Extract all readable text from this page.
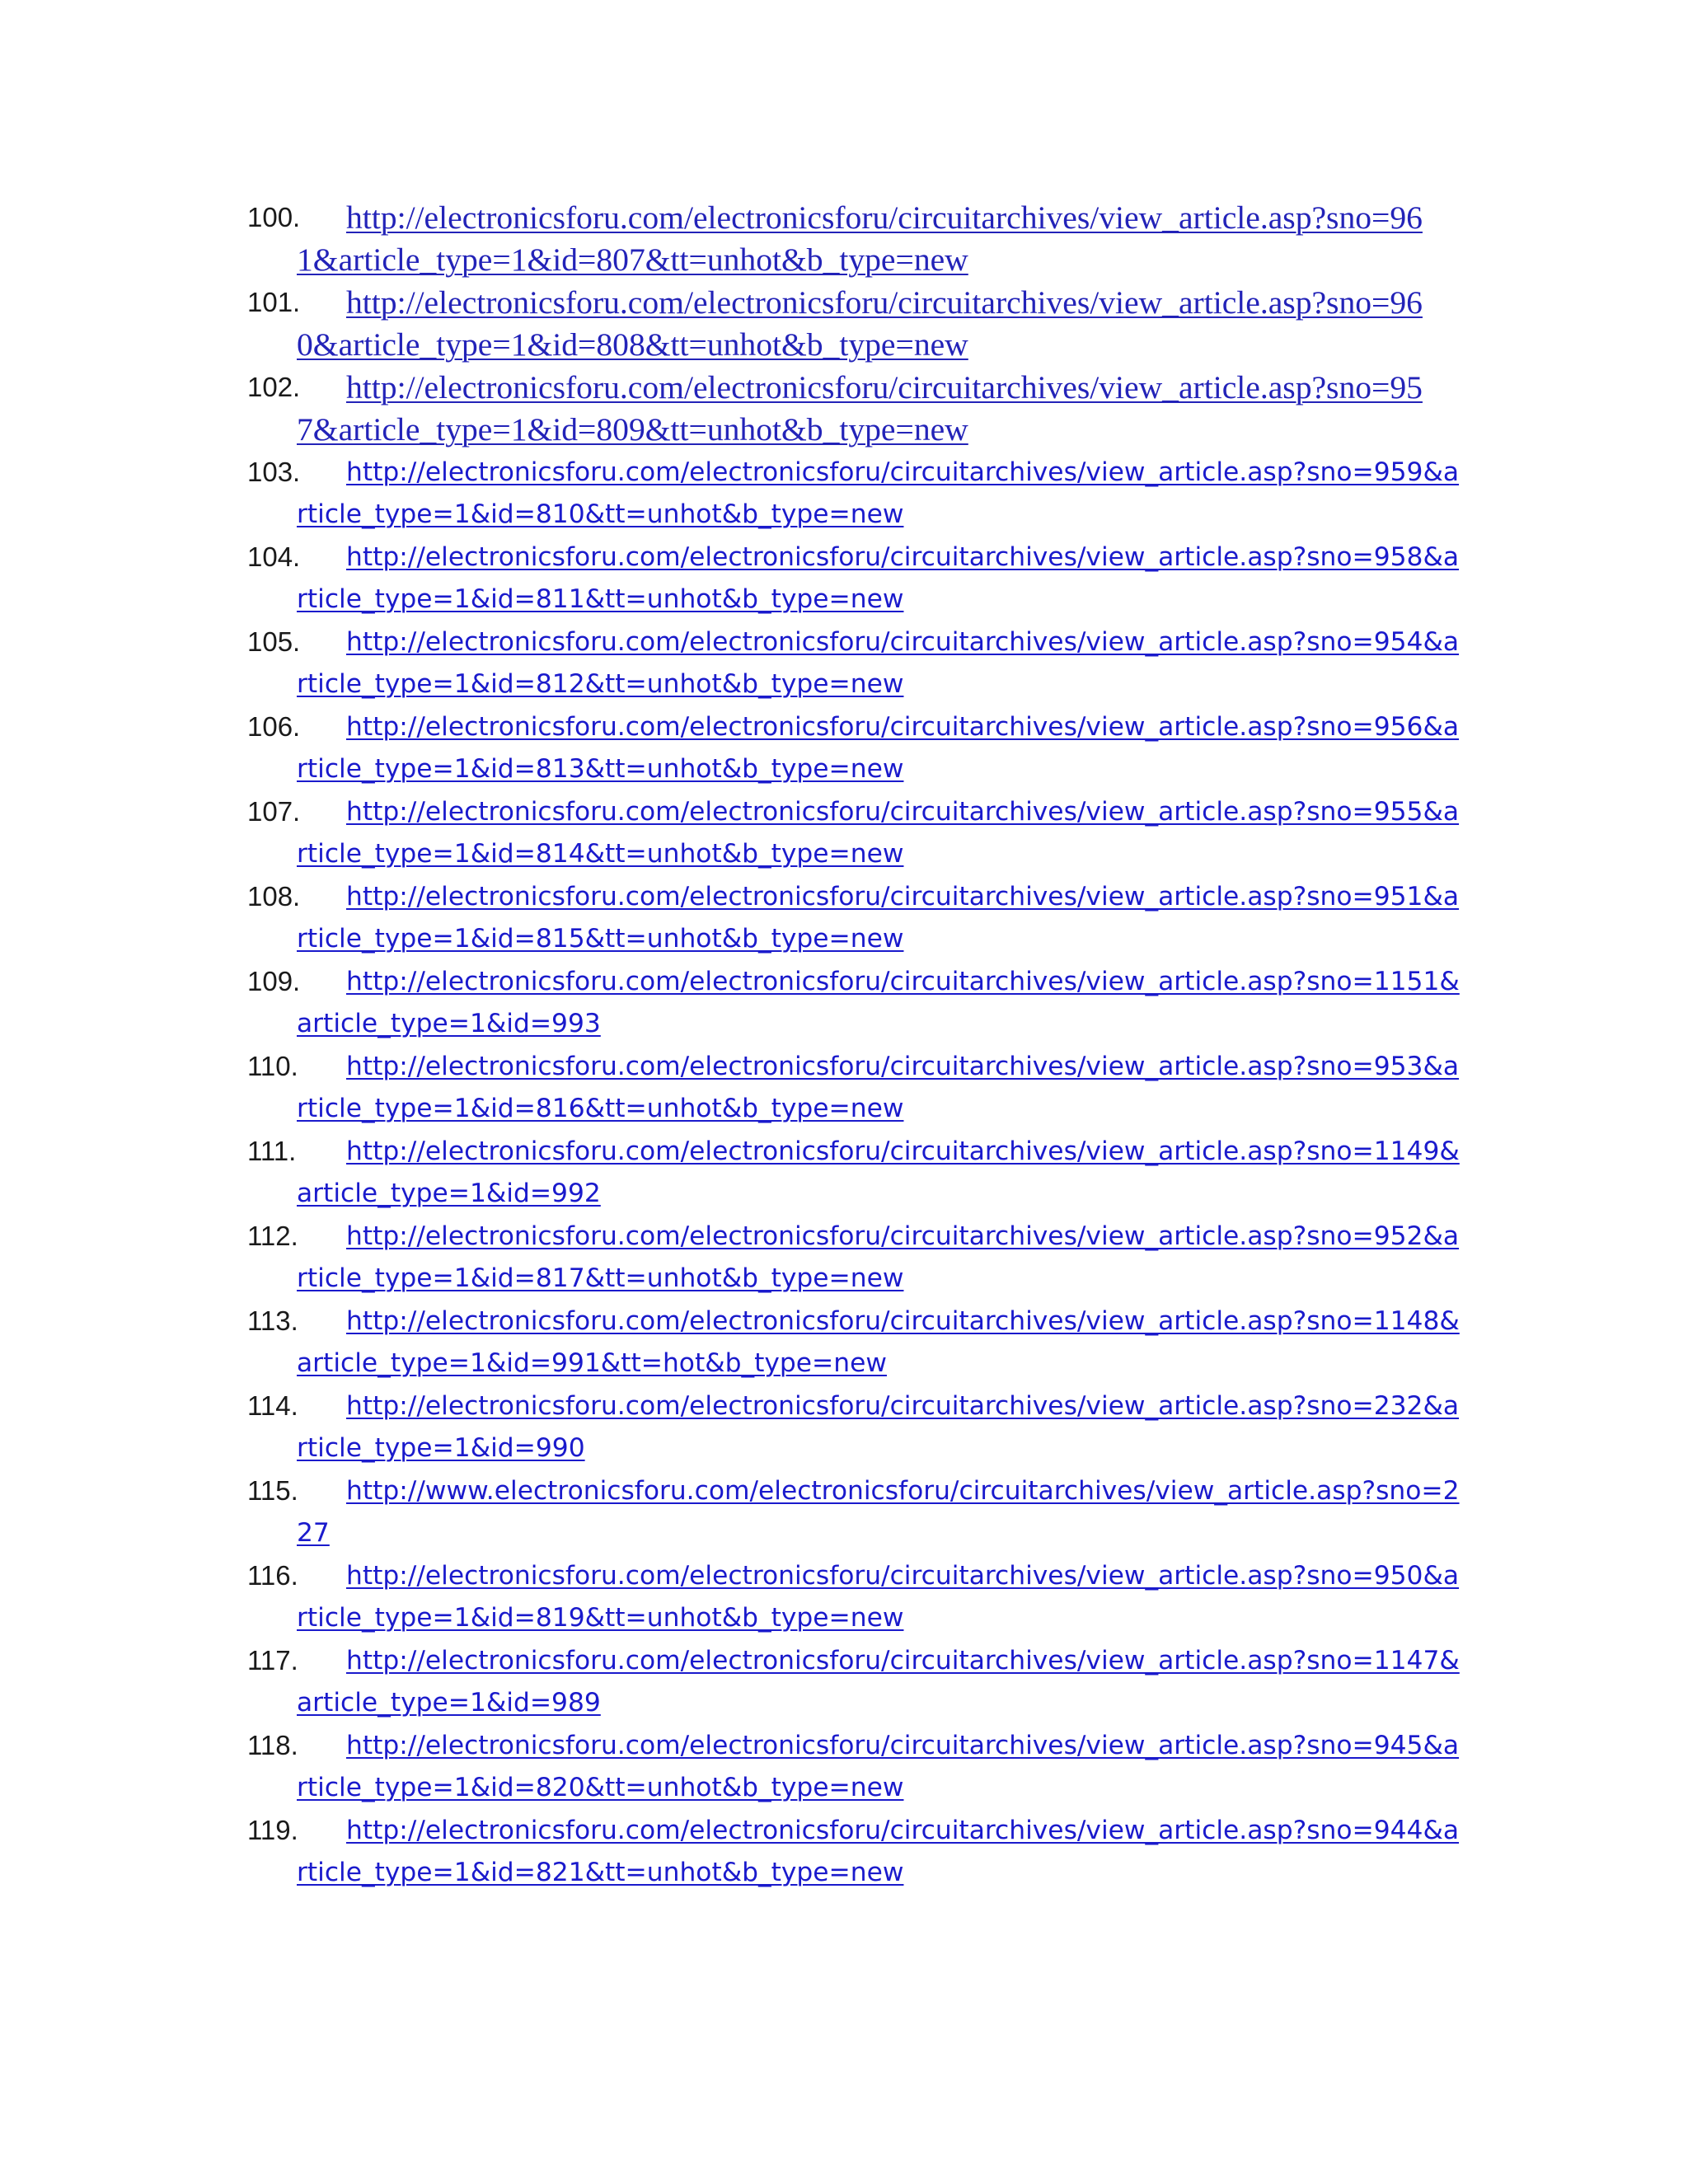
100. http://electronicsforu.com/electronicsforu/circuitarchives/view_article.asp?sno=96
1&article_type=1&id=807&tt=unhot&b_type=new
101. http://electronicsforu.com/electronicsforu/circuitarchives/view_article.asp?sno=96
0&article_type=1&id=808&tt=unhot&b_type=new
102. http://electronicsforu.com/electronicsforu/circuitarchives/view_article.asp?sno=95
7&article_type=1&id=809&tt=unhot&b_type=new
103. http://electronicsforu.com/electronicsforu/circuitarchives/view_article.asp?sno=959&a
rticle_type=1&id=810&tt=unhot&b_type=new
104. http://electronicsforu.com/electronicsforu/circuitarchives/view_article.asp?sno=958&a
rticle_type=1&id=811&tt=unhot&b_type=new
105. http://electronicsforu.com/electronicsforu/circuitarchives/view_article.asp?sno=954&a
rticle_type=1&id=812&tt=unhot&b_type=new
106. http://electronicsforu.com/electronicsforu/circuitarchives/view_article.asp?sno=956&a
rticle_type=1&id=813&tt=unhot&b_type=new
107. http://electronicsforu.com/electronicsforu/circuitarchives/view_article.asp?sno=955&a
rticle_type=1&id=814&tt=unhot&b_type=new
108. http://electronicsforu.com/electronicsforu/circuitarchives/view_article.asp?sno=951&a
rticle_type=1&id=815&tt=unhot&b_type=new
109. http://electronicsforu.com/electronicsforu/circuitarchives/view_article.asp?sno=1151&
article_type=1&id=993
110. http://electronicsforu.com/electronicsforu/circuitarchives/view_article.asp?sno=953&a
rticle_type=1&id=816&tt=unhot&b_type=new
111. http://electronicsforu.com/electronicsforu/circuitarchives/view_article.asp?sno=1149&
article_type=1&id=992
112. http://electronicsforu.com/electronicsforu/circuitarchives/view_article.asp?sno=952&a
rticle_type=1&id=817&tt=unhot&b_type=new
113. http://electronicsforu.com/electronicsforu/circuitarchives/view_article.asp?sno=1148&
article_type=1&id=991&tt=hot&b_type=new
114. http://electronicsforu.com/electronicsforu/circuitarchives/view_article.asp?sno=232&a
rticle_type=1&id=990
115. http://www.electronicsforu.com/electronicsforu/circuitarchives/view_article.asp?sno=2
27
116. http://electronicsforu.com/electronicsforu/circuitarchives/view_article.asp?sno=950&a
rticle_type=1&id=819&tt=unhot&b_type=new
117. http://electronicsforu.com/electronicsforu/circuitarchives/view_article.asp?sno=1147&
article_type=1&id=989
118. http://electronicsforu.com/electronicsforu/circuitarchives/view_article.asp?sno=945&a
rticle_type=1&id=820&tt=unhot&b_type=new
119. http://electronicsforu.com/electronicsforu/circuitarchives/view_article.asp?sno=944&a
rticle_type=1&id=821&tt=unhot&b_type=new
